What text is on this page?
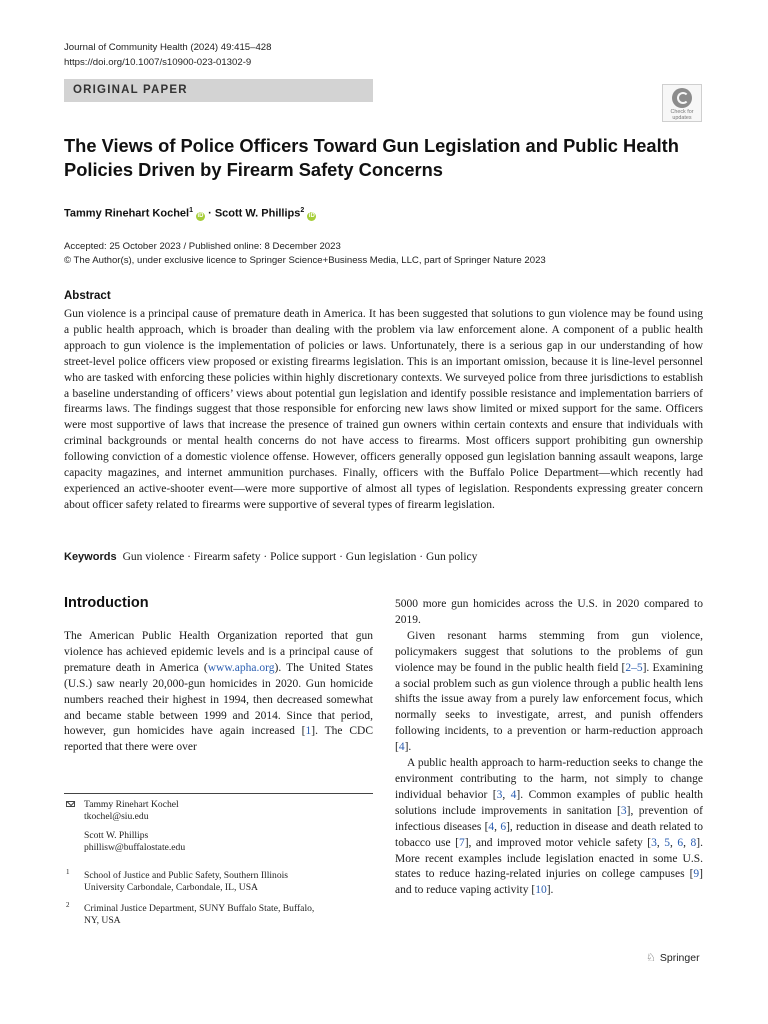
Journal of Community Health (2024) 49:415–428
https://doi.org/10.1007/s10900-023-01302-9
ORIGINAL PAPER
Check for
updates
The Views of Police Officers Toward Gun Legislation and Public Health
Policies Driven by Firearm Safety Concerns
Tammy Rinehart Kochel$^1$iD · Scott W. Phillips$^2$iD
Accepted: 25 October 2023 / Published online: 8 December 2023
© The Author(s), under exclusive licence to Springer Science+Business Media, LLC, part of Springer Nature 2023
Abstract
Gun violence is a principal cause of premature death in America. It has been suggested that solutions to gun violence may be found using a public health approach, which is broader than dealing with the problem via law enforcement alone. A component of a public health approach to gun violence is the implementation of policies or laws. Unfortunately, there is a serious gap in our understanding of how street-level police officers view proposed or existing firearms legislation. This is an important omission, because it is line-level personnel who are tasked with enforcing these policies within highly discretionary contexts. We surveyed police from three jurisdictions to establish a baseline understanding of officers’ views about potential gun legislation and identify possible resistance and implementation barriers of firearms laws. The findings suggest that those responsible for enforcing new laws show limited or mixed support for the same. Officers were most supportive of laws that increase the presence of trained gun owners within certain contexts and ensure that individuals with criminal backgrounds or mental health concerns do not have access to firearms. Most officers support prohibiting gun ownership following conviction of a domestic violence offense. However, officers generally opposed gun legislation banning assault weapons, large capacity magazines, and internet ammunition purchases. Finally, officers with the Buffalo Police Department—which recently had experienced an active-shooter event—were more supportive of almost all types of legislation. Respondents expressing greater concern about officer safety related to firearms were supportive of several types of firearm legislation.
Keywords Gun violence · Firearm safety · Police support · Gun legislation · Gun policy
Introduction

The American Public Health Organization reported that gun violence has achieved epidemic levels and is a principal cause of premature death in America (www.apha.org). The United States (U.S.) saw nearly 20,000-gun homicides in 2020. Gun homicide numbers reached their highest in 1994, then decreased somewhat and became stable between 1999 and 2014. Since that period, however, gun homicides have again increased [1]. The CDC reported that there were over

5000 more gun homicides across the U.S. in 2020 compared to 2019.

Given resonant harms stemming from gun violence, policymakers suggest that solutions to the problems of gun violence may be found in the public health field [2–5]. Examining a social problem such as gun violence through a public health lens shifts the issue away from a purely law enforcement focus, which normally seeks to investigate, arrest, and punish offenders following incidents, to a prevention or harm-reduction approach [4].

A public health approach to harm-reduction seeks to change the environment contributing to the harm, not simply to change individual behavior [3, 4]. Common examples of public health solutions include improvements in sanitation [3], prevention of infectious diseases [4, 6], reduction in disease and death related to tobacco use [7], and improved motor vehicle safety [3, 5, 6, 8]. More recent examples include legislation enacted in some U.S. states to reduce hazing-related injuries on college campuses [9] and to reduce vaping activity [10].

Tammy Rinehart Kochel
tkochel@siu.edu
Scott W. Phillips
phillisw@buffalostate.edu
1 School of Justice and Public Safety, Southern Illinois
University Carbondale, Carbondale, IL, USA
2 Criminal Justice Department, SUNY Buffalo State, Buffalo,
NY, USA
♘ Springer
